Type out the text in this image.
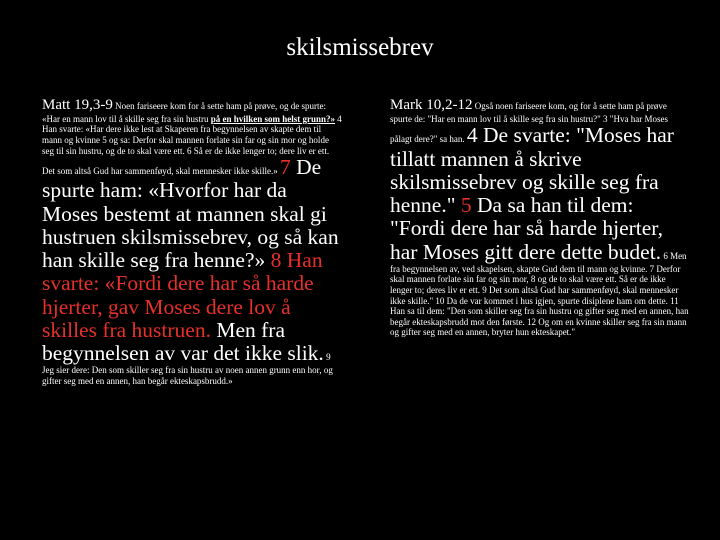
skilsmissebrev
Matt 19,3-9 Noen fariseere kom for å sette ham på prøve, og de spurte: «Har en mann lov til å skille seg fra sin hustru på en hvilken som helst grunn?» 4 Han svarte: «Har dere ikke lest at Skaperen fra begynnelsen av skapte dem til mann og kvinne 5 og sa: Derfor skal mannen forlate sin far og sin mor og holde seg til sin hustru, og de to skal være ett. 6 Så er de ikke lenger to; dere liv er ett. Det som altså Gud har sammenføyd, skal mennesker ikke skille.» 7 De spurte ham: «Hvorfor har da Moses bestemt at mannen skal gi hustruen skilsmissebrev, og så kan han skille seg fra henne?» 8 Han svarte: «Fordi dere har så harde hjerter, gav Moses dere lov å skilles fra hustruen. Men fra begynnelsen av var det ikke slik. 9 Jeg sier dere: Den som skiller seg fra sin hustru av noen annen grunn enn hor, og gifter seg med en annen, han begår ekteskapsbrudd.»
Mark 10,2-12 Også noen fariseere kom, og for å sette ham på prøve spurte de: "Har en mann lov til å skille seg fra sin hustru?" 3 "Hva har Moses pålagt dere?" sa han. 4 De svarte: "Moses har tillatt mannen å skrive skilsmissebrev og skille seg fra henne." 5 Da sa han til dem: "Fordi dere har så harde hjerter, har Moses gitt dere dette budet. 6 Men fra begynnelsen av, ved skapelsen, skapte Gud dem til mann og kvinne. 7 Derfor skal mannen forlate sin far og sin mor, 8 og de to skal være ett. Så er de ikke lenger to; deres liv er ett. 9 Det som altså Gud har sammenføyd, skal mennesker ikke skille." 10 Da de var kommet i hus igjen, spurte disiplene ham om dette. 11 Han sa til dem: "Den som skiller seg fra sin hustru og gifter seg med en annen, han begår ekteskapsbrudd mot den første. 12 Og om en kvinne skiller seg fra sin mann og gifter seg med en annen, bryter hun ekteskapet."
